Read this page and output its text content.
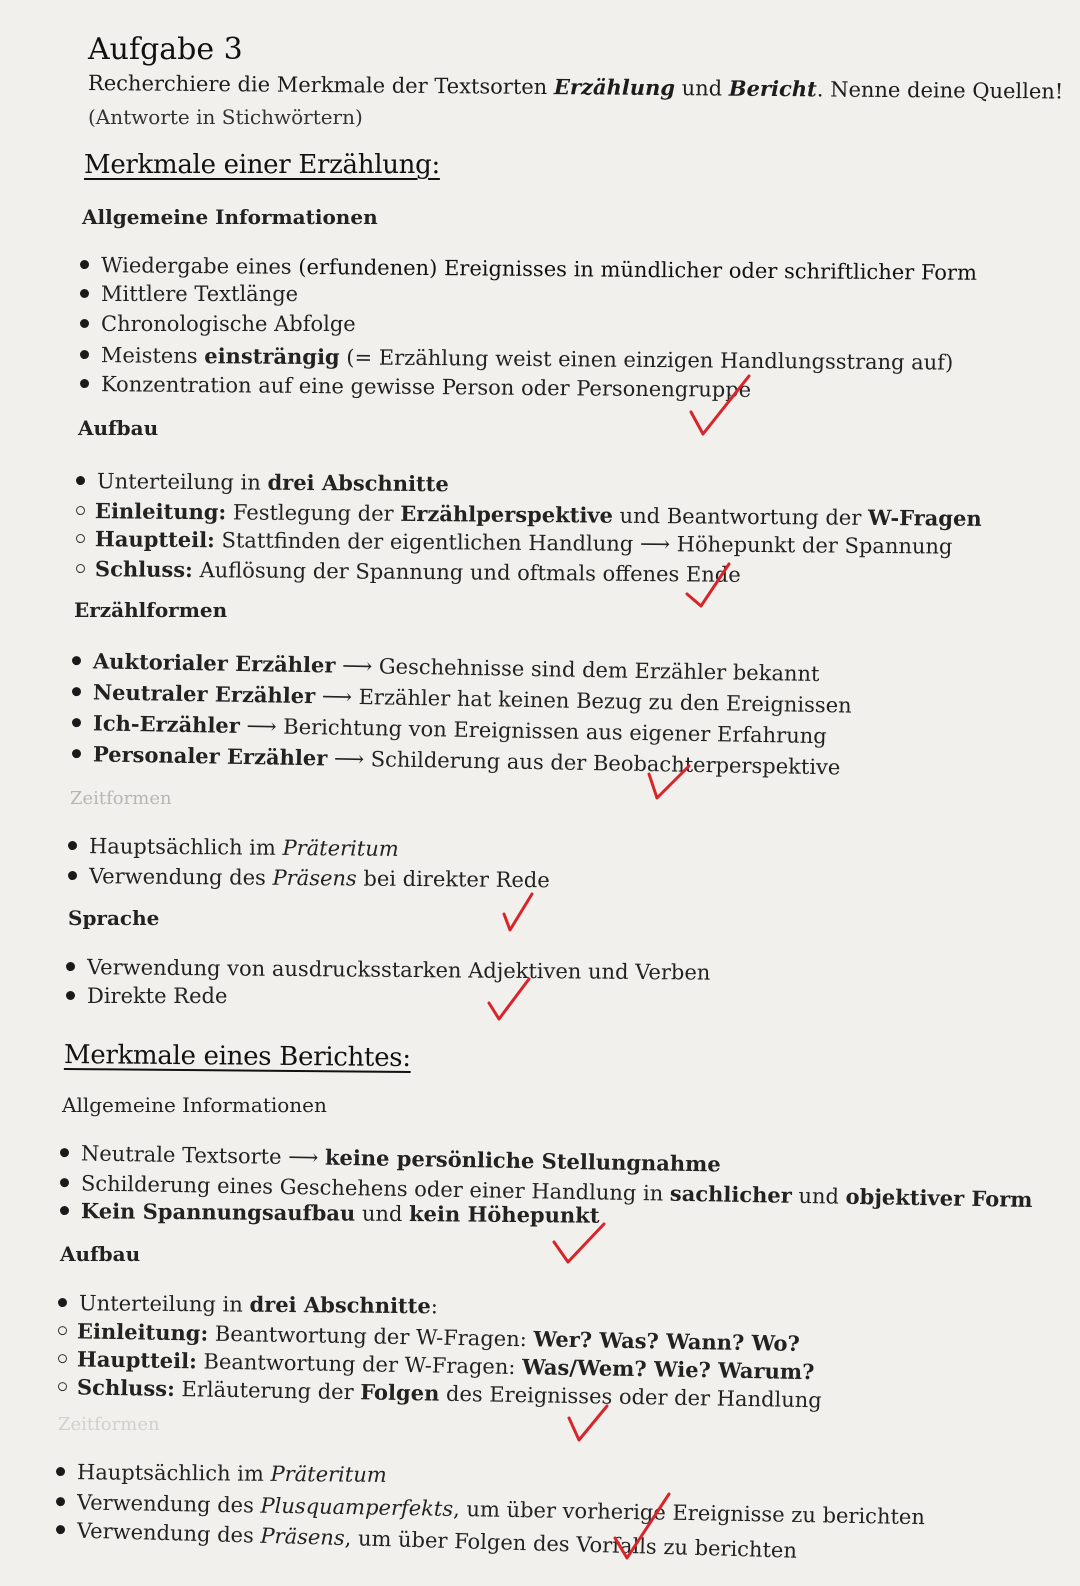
Aufgabe 3
Recherchiere die Merkmale der Textsorten Erzählung und Bericht. Nenne deine Quellen!
(Antworte in Stichwörtern)
Merkmale einer Erzählung:
Allgemeine Informationen
Wiedergabe eines (erfundenen) Ereignisses in mündlicher oder schriftlicher Form
Mittlere Textlänge
Chronologische Abfolge
Meistens einsträngig (= Erzählung weist einen einzigen Handlungsstrang auf)
Konzentration auf eine gewisse Person oder Personengruppe
Aufbau
Unterteilung in drei Abschnitte
Einleitung: Festlegung der Erzählperspektive und Beantwortung der W-Fragen
Hauptteil: Stattfinden der eigentlichen Handlung ⟶ Höhepunkt der Spannung
Schluss: Auflösung der Spannung und oftmals offenes Ende
Erzählformen
Auktorialer Erzähler ⟶ Geschehnisse sind dem Erzähler bekannt
Neutraler Erzähler ⟶ Erzähler hat keinen Bezug zu den Ereignissen
Ich-Erzähler ⟶ Berichtung von Ereignissen aus eigener Erfahrung
Personaler Erzähler ⟶ Schilderung aus der Beobachterperspektive
Zeitformen
Hauptsächlich im Präteritum
Verwendung des Präsens bei direkter Rede
Sprache
Verwendung von ausdrucksstarken Adjektiven und Verben
Direkte Rede
Merkmale eines Berichtes:
Allgemeine Informationen
Neutrale Textsorte ⟶ keine persönliche Stellungnahme
Schilderung eines Geschehens oder einer Handlung in sachlicher und objektiver Form
Kein Spannungsaufbau und kein Höhepunkt
Aufbau
Unterteilung in drei Abschnitte:
Einleitung: Beantwortung der W-Fragen: Wer? Was? Wann? Wo?
Hauptteil: Beantwortung der W-Fragen: Was/Wem? Wie? Warum?
Schluss: Erläuterung der Folgen des Ereignisses oder der Handlung
Zeitformen
Hauptsächlich im Präteritum
Verwendung des Plusquamperfekts, um über vorherige Ereignisse zu berichten
Verwendung des Präsens, um über Folgen des Vorfalls zu berichten
